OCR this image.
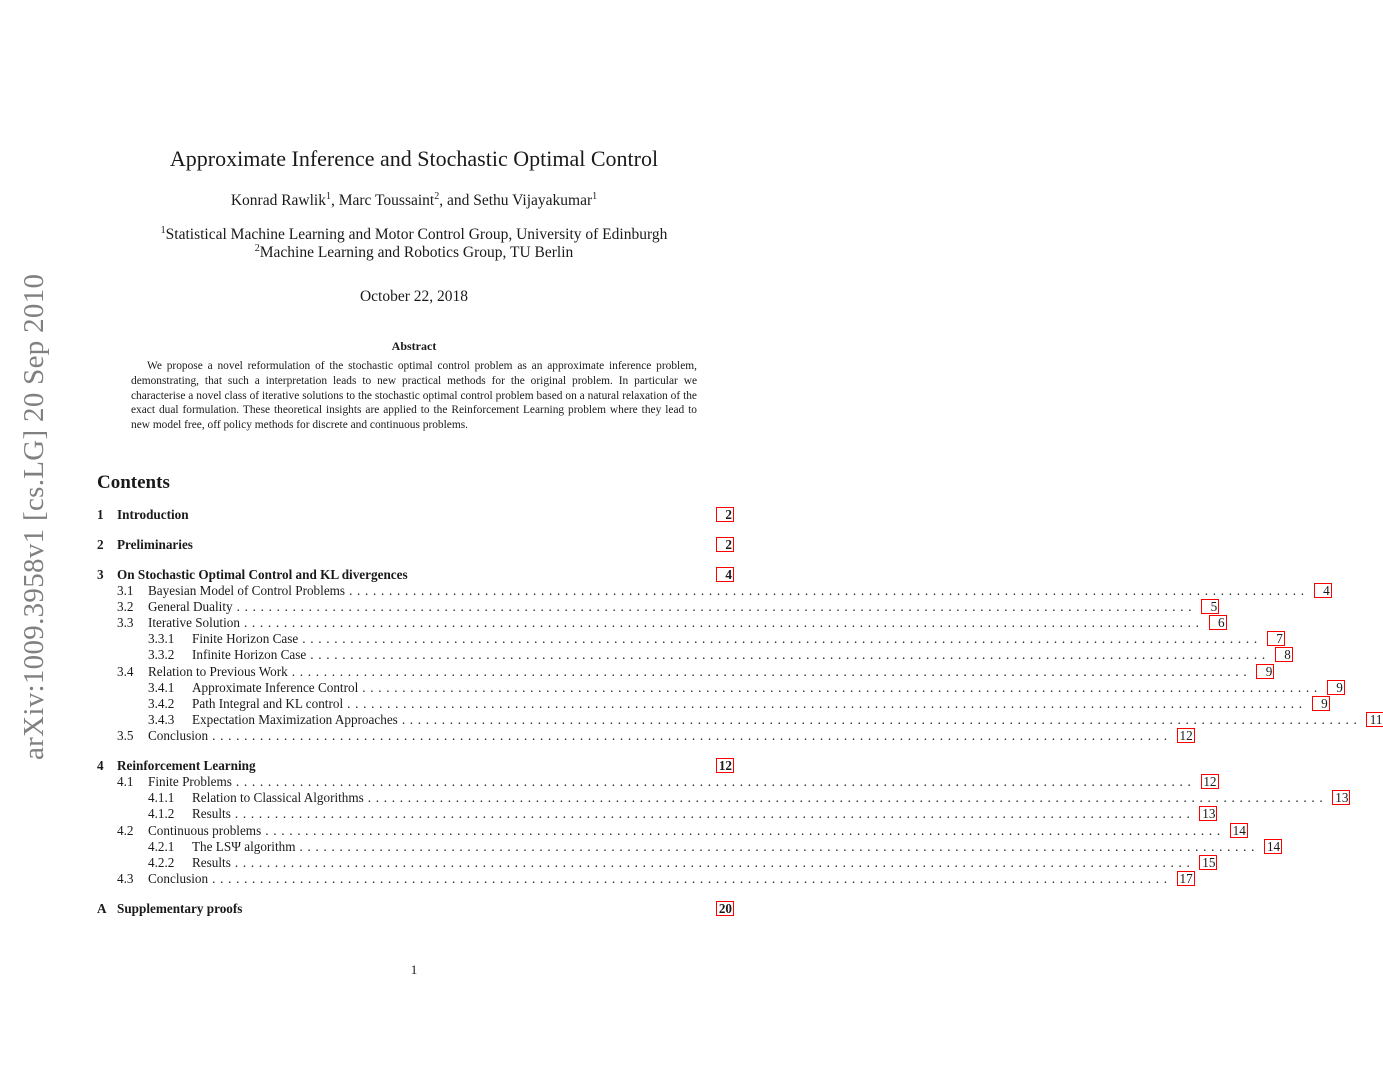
arXiv:1009.3958v1 [cs.LG] 20 Sep 2010
Approximate Inference and Stochastic Optimal Control
Konrad Rawlik$^1$, Marc Toussaint$^2$, and Sethu Vijayakumar$^1$
$^1$Statistical Machine Learning and Motor Control Group, University of Edinburgh
$^2$Machine Learning and Robotics Group, TU Berlin
October 22, 2018
Abstract
We propose a novel reformulation of the stochastic optimal control problem as an approximate inference problem, demonstrating, that such a interpretation leads to new practical methods for the original problem. In particular we characterise a novel class of iterative solutions to the stochastic optimal control problem based on a natural relaxation of the exact dual formulation. These theoretical insights are applied to the Reinforcement Learning problem where they lead to new model free, off policy methods for discrete and continuous problems.
Contents
1	Introduction	2
2	Preliminaries	2
3	On Stochastic Optimal Control and KL divergences	4
3.1	Bayesian Model of Control Problems ........................................................................................................................	4
3.2	General Duality ........................................................................................................................	5
3.3	Iterative Solution ........................................................................................................................	6
3.3.1	Finite Horizon Case ........................................................................................................................	7
3.3.2	Infinite Horizon Case ........................................................................................................................	8
3.4	Relation to Previous Work ........................................................................................................................	9
3.4.1	Approximate Inference Control ........................................................................................................................	9
3.4.2	Path Integral and KL control ........................................................................................................................	9
3.4.3	Expectation Maximization Approaches ........................................................................................................................ 11
3.5	Conclusion ........................................................................................................................ 12
4	Reinforcement Learning	12
4.1	Finite Problems ........................................................................................................................ 12
4.1.1	Relation to Classical Algorithms ........................................................................................................................ 13
4.1.2	Results ........................................................................................................................ 13
4.2	Continuous problems ........................................................................................................................ 14
4.2.1	The LSΨ algorithm ........................................................................................................................ 14
4.2.2	Results ........................................................................................................................ 15
4.3	Conclusion ........................................................................................................................ 17
A Supplementary proofs	20
1
